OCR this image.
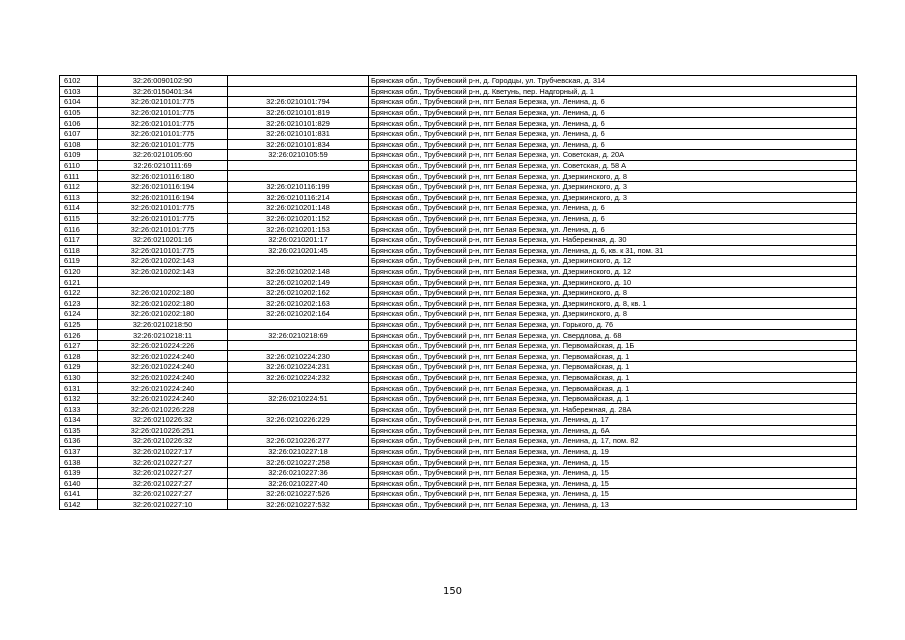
6102	32:26:0090102:90		Брянская обл., Трубчевский р-н, д. Городцы, ул. Трубчевская, д. 314
6103	32:26:0150401:34		Брянская обл., Трубчевский р-н, д. Кветунь, пер. Надгорный, д. 1
6104	32:26:0210101:775	32:26:0210101:794	Брянская обл., Трубчевский р-н, пгт Белая Березка, ул. Ленина, д. 6
6105	32:26:0210101:775	32:26:0210101:819	Брянская обл., Трубчевский р-н, пгт Белая Березка, ул. Ленина, д. 6
6106	32:26:0210101:775	32:26:0210101:829	Брянская обл., Трубчевский р-н, пгт Белая Березка, ул. Ленина, д. 6
6107	32:26:0210101:775	32:26:0210101:831	Брянская обл., Трубчевский р-н, пгт Белая Березка, ул. Ленина, д. 6
6108	32:26:0210101:775	32:26:0210101:834	Брянская обл., Трубчевский р-н, пгт Белая Березка, ул. Ленина, д. 6
6109	32:26:0210105:60	32:26:0210105:59	Брянская обл., Трубчевский р-н, пгт Белая Березка, ул. Советская, д. 20А
6110	32:26:0210111:69		Брянская обл., Трубчевский р-н, пгт Белая Березка, ул. Советская, д. 58 А
6111	32:26:0210116:180		Брянская обл., Трубчевский р-н, пгт Белая Березка, ул. Дзержинского, д. 8
6112	32:26:0210116:194	32:26:0210116:199	Брянская обл., Трубчевский р-н, пгт Белая Березка, ул. Дзержинского, д. 3
6113	32:26:0210116:194	32:26:0210116:214	Брянская обл., Трубчевский р-н, пгт Белая Березка, ул. Дзержинского, д. 3
6114	32:26:0210101:775	32:26:0210201:148	Брянская обл., Трубчевский р-н, пгт Белая Березка, ул. Ленина, д. 6
6115	32:26:0210101:775	32:26:0210201:152	Брянская обл., Трубчевский р-н, пгт Белая Березка, ул. Ленина, д. 6
6116	32:26:0210101:775	32:26:0210201:153	Брянская обл., Трубчевский р-н, пгт Белая Березка, ул. Ленина, д. 6
6117	32:26:0210201:16	32:26:0210201:17	Брянская обл., Трубчевский р-н, пгт Белая Березка, ул. Набережная, д. 30
6118	32:26:0210101:775	32:26:0210201:45	Брянская обл., Трубчевский р-н, пгт Белая Березка, ул. Ленина, д. 6, кв. к 31, пом. 31
6119	32:26:0210202:143		Брянская обл., Трубчевский р-н, пгт Белая Березка, ул. Дзержинского, д. 12
6120	32:26:0210202:143	32:26:0210202:148	Брянская обл., Трубчевский р-н, пгт Белая Березка, ул. Дзержинского, д. 12
6121		32:26:0210202:149	Брянская обл., Трубчевский р-н, пгт Белая Березка, ул. Дзержинского, д. 10
6122	32:26:0210202:180	32:26:0210202:162	Брянская обл., Трубчевский р-н, пгт Белая Березка, ул. Дзержинского, д. 8
6123	32:26:0210202:180	32:26:0210202:163	Брянская обл., Трубчевский р-н, пгт Белая Березка, ул. Дзержинского, д. 8, кв. 1
6124	32:26:0210202:180	32:26:0210202:164	Брянская обл., Трубчевский р-н, пгт Белая Березка, ул. Дзержинского, д. 8
6125	32:26:0210218:50		Брянская обл., Трубчевский р-н, пгт Белая Березка, ул. Горького, д. 76
6126	32:26:0210218:11	32:26:0210218:69	Брянская обл., Трубчевский р-н, пгт Белая Березка, ул. Свердлова, д. 68
6127	32:26:0210224:226		Брянская обл., Трубчевский р-н, пгт Белая Березка, ул. Первомайская, д. 1Б
6128	32:26:0210224:240	32:26:0210224:230	Брянская обл., Трубчевский р-н, пгт Белая Березка, ул. Первомайская, д. 1
6129	32:26:0210224:240	32:26:0210224:231	Брянская обл., Трубчевский р-н, пгт Белая Березка, ул. Первомайская, д. 1
6130	32:26:0210224:240	32:26:0210224:232	Брянская обл., Трубчевский р-н, пгт Белая Березка, ул. Первомайская, д. 1
6131	32:26:0210224:240		Брянская обл., Трубчевский р-н, пгт Белая Березка, ул. Первомайская, д. 1
6132	32:26:0210224:240	32:26:0210224:51	Брянская обл., Трубчевский р-н, пгт Белая Березка, ул. Первомайская, д. 1
6133	32:26:0210226:228		Брянская обл., Трубчевский р-н, пгт Белая Березка, ул. Набережная, д. 28А
6134	32:26:0210226:32	32:26:0210226:229	Брянская обл., Трубчевский р-н, пгт Белая Березка, ул. Ленина, д. 17
6135	32:26:0210226:251		Брянская обл., Трубчевский р-н, пгт Белая Березка, ул. Ленина, д. 6А
6136	32:26:0210226:32	32:26:0210226:277	Брянская обл., Трубчевский р-н, пгт Белая Березка, ул. Ленина, д. 17, пом. 82
6137	32:26:0210227:17	32:26:0210227:18	Брянская обл., Трубчевский р-н, пгт Белая Березка, ул. Ленина, д. 19
6138	32:26:0210227:27	32:26:0210227:258	Брянская обл., Трубчевский р-н, пгт Белая Березка, ул. Ленина, д. 15
6139	32:26:0210227:27	32:26:0210227:36	Брянская обл., Трубчевский р-н, пгт Белая Березка, ул. Ленина, д. 15
6140	32:26:0210227:27	32:26:0210227:40	Брянская обл., Трубчевский р-н, пгт Белая Березка, ул. Ленина, д. 15
6141	32:26:0210227:27	32:26:0210227:526	Брянская обл., Трубчевский р-н, пгт Белая Березка, ул. Ленина, д. 15
6142	32:26:0210227:10	32:26:0210227:532	Брянская обл., Трубчевский р-н, пгт Белая Березка, ул. Ленина, д. 13
150
